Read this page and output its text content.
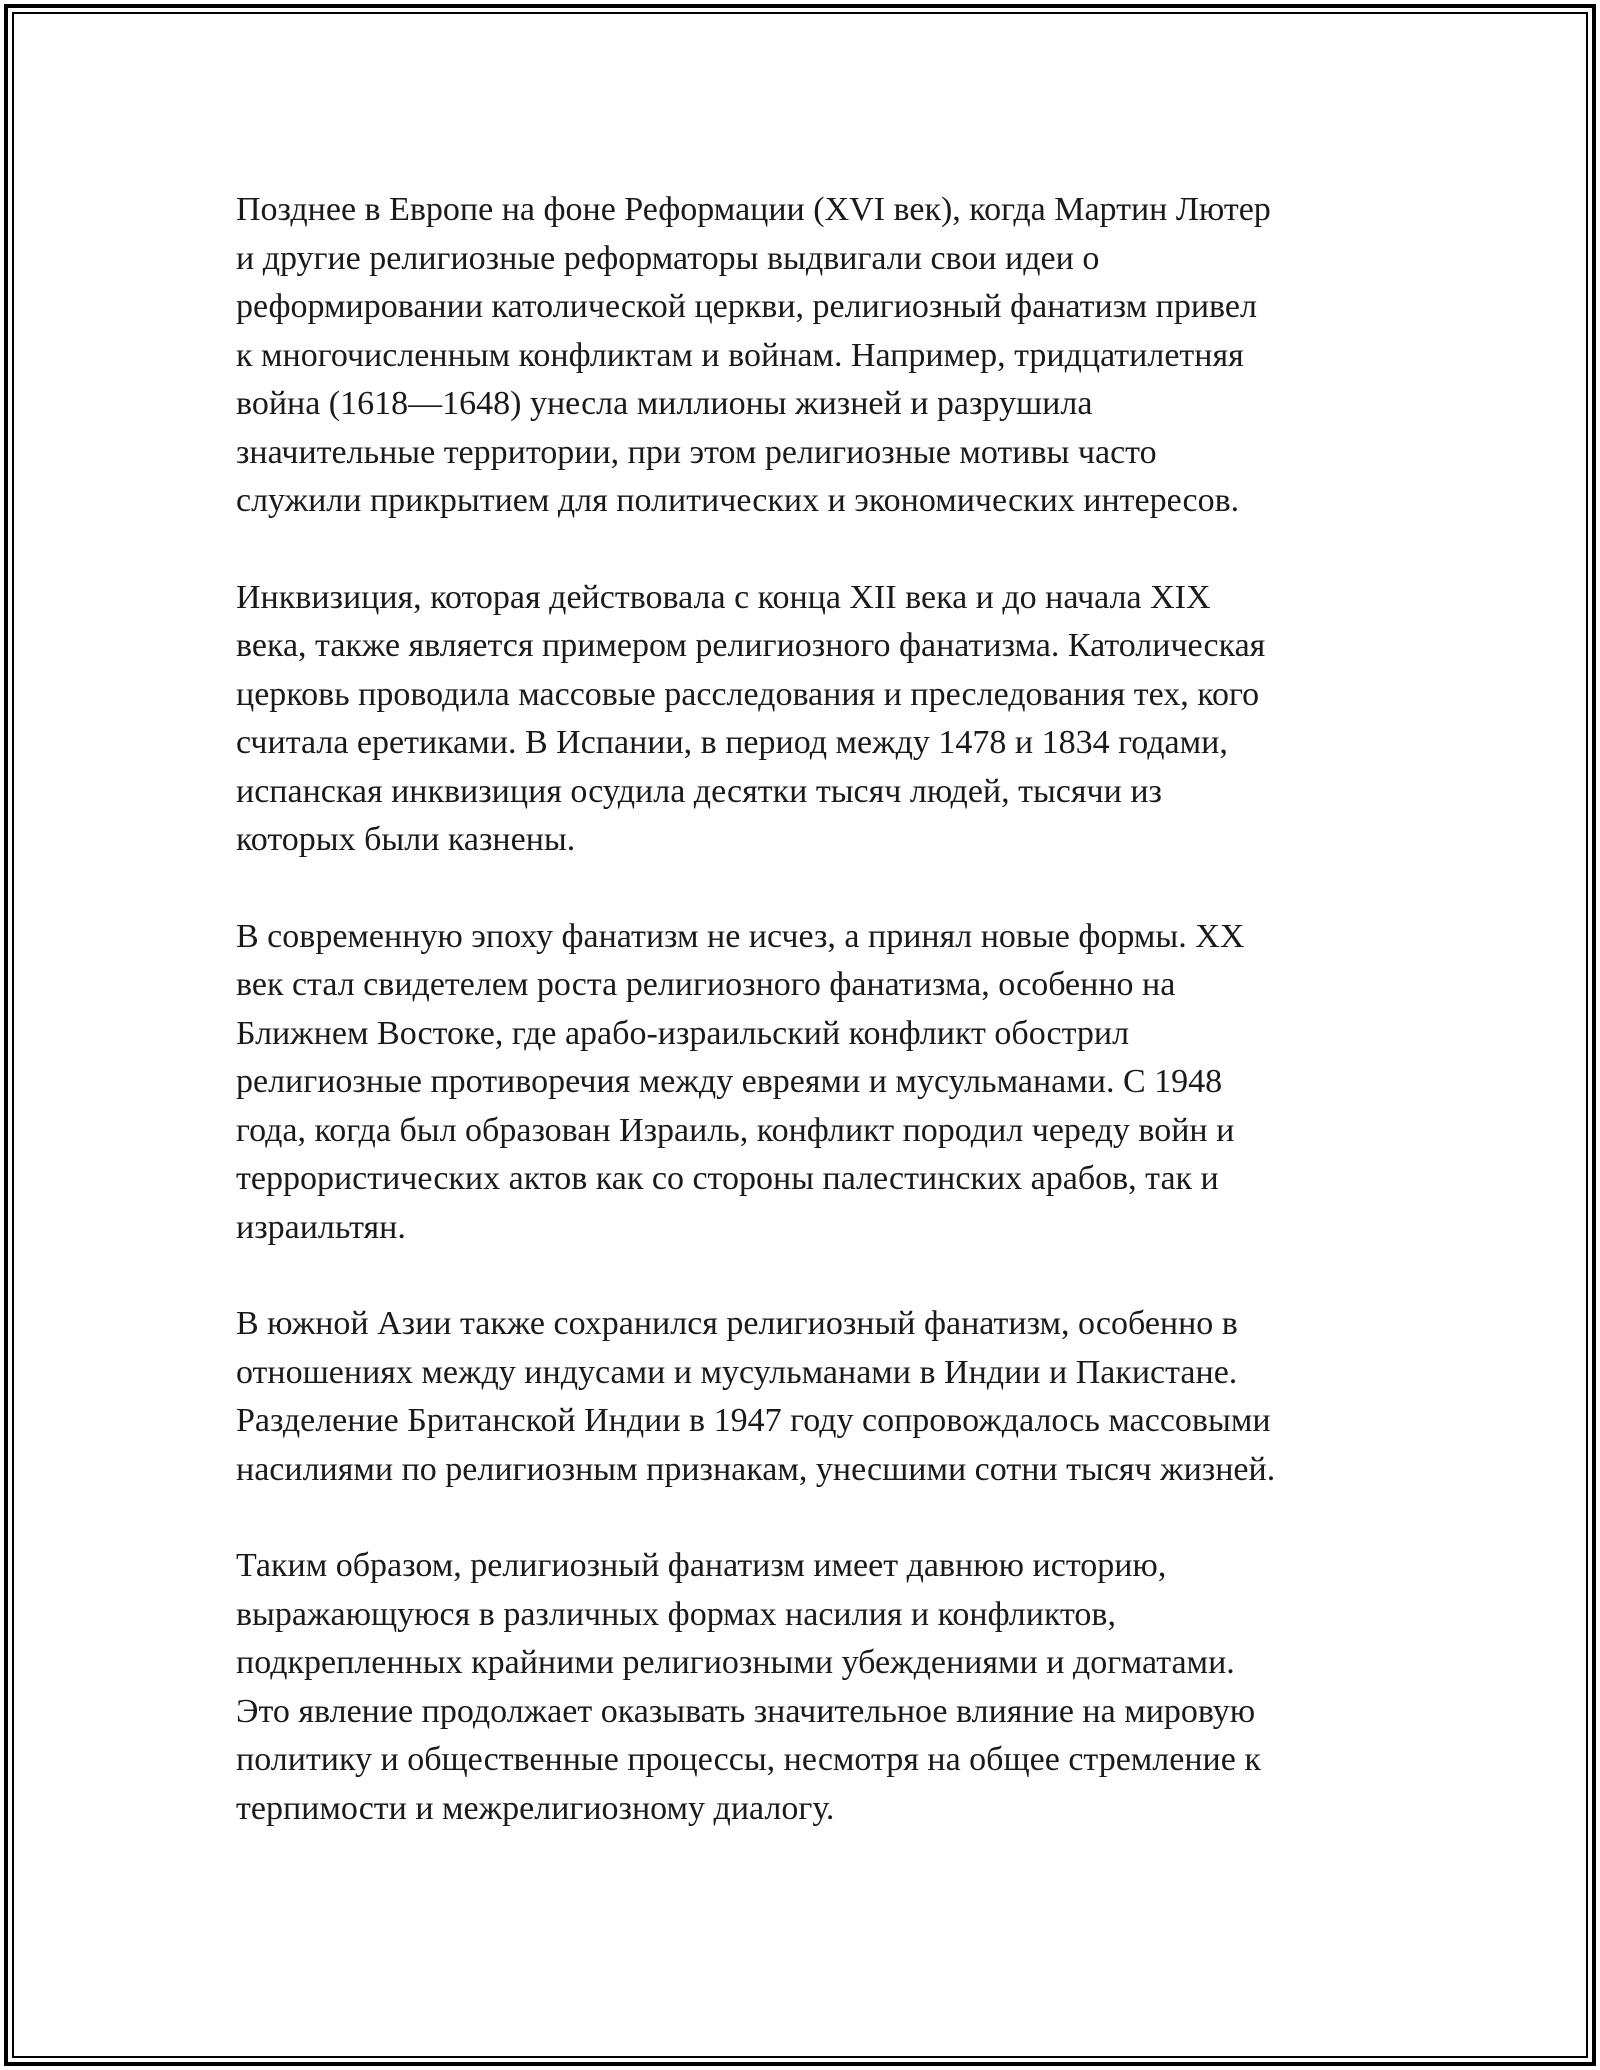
Позднее в Европе на фоне Реформации (XVI век), когда Мартин Лютер
и другие религиозные реформаторы выдвигали свои идеи о
реформировании католической церкви, религиозный фанатизм привел
к многочисленным конфликтам и войнам. Например, тридцатилетняя
война (1618—1648) унесла миллионы жизней и разрушила
значительные территории, при этом религиозные мотивы часто
служили прикрытием для политических и экономических интересов.
Инквизиция, которая действовала с конца XII века и до начала XIX
века, также является примером религиозного фанатизма. Католическая
церковь проводила массовые расследования и преследования тех, кого
считала еретиками. В Испании, в период между 1478 и 1834 годами,
испанская инквизиция осудила десятки тысяч людей, тысячи из
которых были казнены.
В современную эпоху фанатизм не исчез, а принял новые формы. XX
век стал свидетелем роста религиозного фанатизма, особенно на
Ближнем Востоке, где арабо-израильский конфликт обострил
религиозные противоречия между евреями и мусульманами. С 1948
года, когда был образован Израиль, конфликт породил череду войн и
террористических актов как со стороны палестинских арабов, так и
израильтян.
В южной Азии также сохранился религиозный фанатизм, особенно в
отношениях между индусами и мусульманами в Индии и Пакистане.
Разделение Британской Индии в 1947 году сопровождалось массовыми
насилиями по религиозным признакам, унесшими сотни тысяч жизней.
Таким образом, религиозный фанатизм имеет давнюю историю,
выражающуюся в различных формах насилия и конфликтов,
подкрепленных крайними религиозными убеждениями и догматами.
Это явление продолжает оказывать значительное влияние на мировую
политику и общественные процессы, несмотря на общее стремление к
терпимости и межрелигиозному диалогу.
